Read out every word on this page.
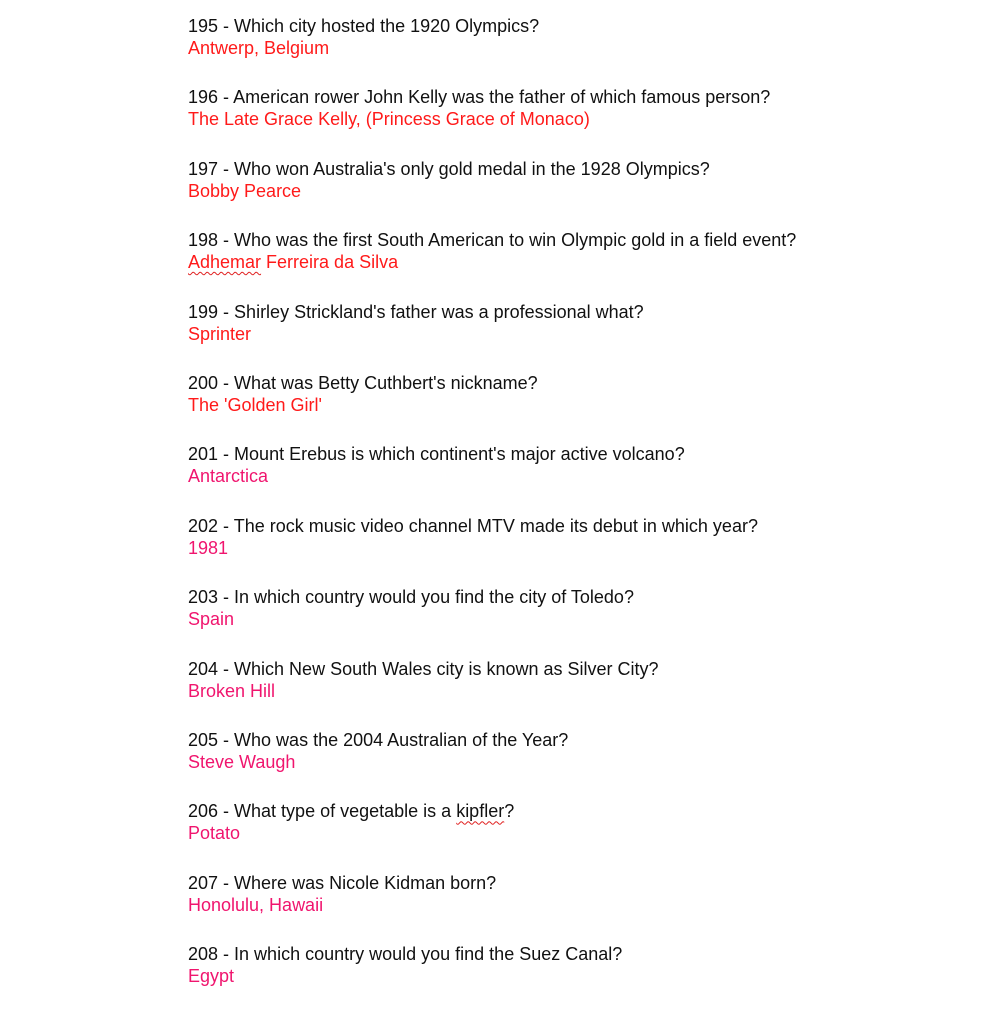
195 - Which city hosted the 1920 Olympics?
Antwerp, Belgium
196 - American rower John Kelly was the father of which famous person?
The Late Grace Kelly, (Princess Grace of Monaco)
197 - Who won Australia's only gold medal in the 1928 Olympics?
Bobby Pearce
198 - Who was the first South American to win Olympic gold in a field event?
Adhemar Ferreira da Silva
199 - Shirley Strickland's father was a professional what?
Sprinter
200 - What was Betty Cuthbert's nickname?
The 'Golden Girl'
201 - Mount Erebus is which continent's major active volcano?
Antarctica
202 - The rock music video channel MTV made its debut in which year?
1981
203 - In which country would you find the city of Toledo?
Spain
204 - Which New South Wales city is known as Silver City?
Broken Hill
205 - Who was the 2004 Australian of the Year?
Steve Waugh
206 - What type of vegetable is a kipfler?
Potato
207 - Where was Nicole Kidman born?
Honolulu, Hawaii
208 - In which country would you find the Suez Canal?
Egypt
